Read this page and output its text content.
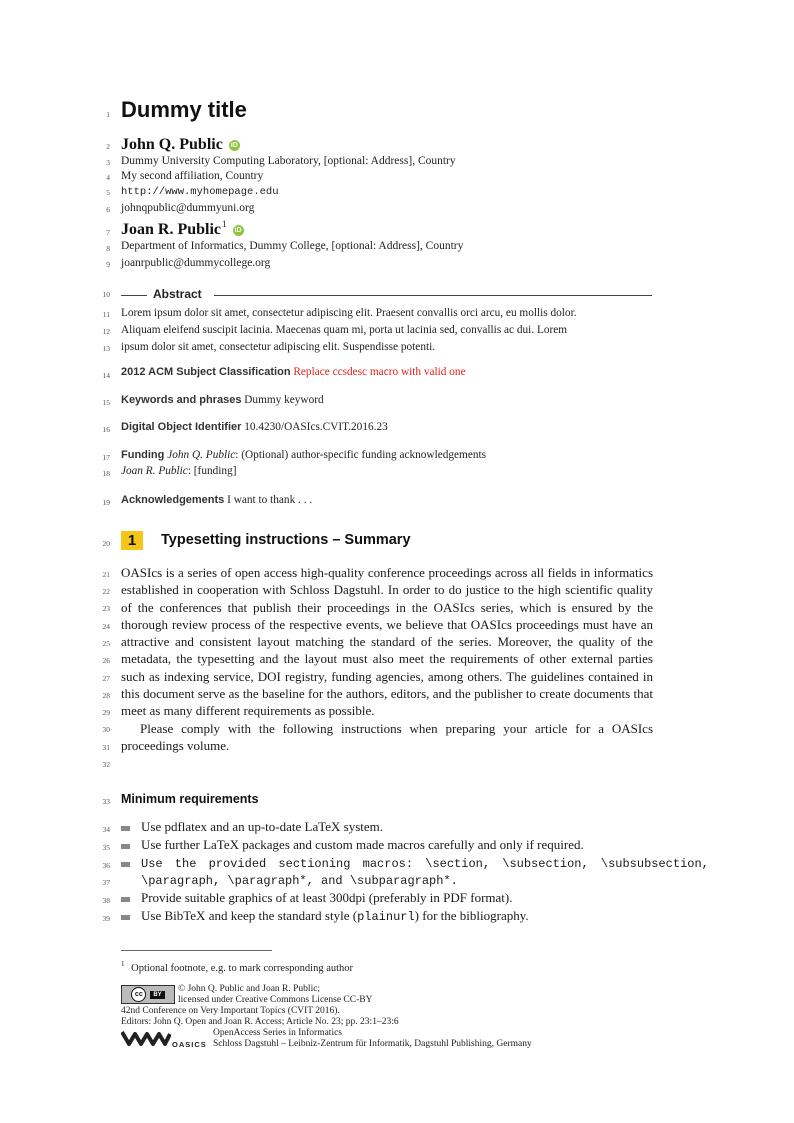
1
2
3
4
5
6
7
8
9
10
11
12
13
14
15
16
17
18
19
20
21
22
23
24
25
26
27
28
29
30
31
32
33
34
35
36
37
38
39
Dummy title
John Q. Public iD
Dummy University Computing Laboratory, [optional: Address], Country
My second affiliation, Country
http://www.myhomepage.edu
johnqpublic@dummyuni.org
Joan R. Public$^1$
iD
Department of Informatics, Dummy College, [optional: Address], Country
joanrpublic@dummycollege.org
Abstract
Lorem ipsum dolor sit amet, consectetur adipiscing elit. Praesent convallis orci arcu, eu mollis dolor.
Aliquam eleifend suscipit lacinia. Maecenas quam mi, porta ut lacinia sed, convallis ac dui. Lorem
ipsum dolor sit amet, consectetur adipiscing elit. Suspendisse potenti.
2012 ACM Subject Classification Replace ccsdesc macro with valid one
Keywords and phrases Dummy keyword
Digital Object Identifier 10.4230/OASIcs.CVIT.2016.23
Funding John Q. Public: (Optional) author-specific funding acknowledgements
Joan R. Public: [funding]
Acknowledgements I want to thank . . .
1	Typesetting instructions – Summary

OASIcs is a series of open access high-quality conference proceedings across all fields in informatics established in cooperation with Schloss Dagstuhl. In order to do justice to the high scientific quality of the conferences that publish their proceedings in the OASIcs series, which is ensured by the thorough review process of the respective events, we believe that OASIcs proceedings must have an attractive and consistent layout matching the standard of the series. Moreover, the quality of the metadata, the typesetting and the layout must also meet the requirements of other external parties such as indexing service, DOI registry, funding agencies, among others. The guidelines contained in this document serve as the baseline for the authors, editors, and the publisher to create documents that meet as many different requirements as possible.

Please comply with the following instructions when preparing your article for a OASIcs proceedings volume.

Minimum requirements
Use pdflatex and an up-to-date LaTeX system.
Use further LaTeX packages and custom made macros carefully and only if required.
Use the provided sectioning macros: \section, \subsection, \subsubsection,
\paragraph, \paragraph*, and \subparagraph*.
Provide suitable graphics of at least 300dpi (preferably in PDF format).
Use BibTeX and keep the standard style (plainurl) for the bibliography.
$^1$ Optional footnote, e.g. to mark corresponding author
cc	BY
© John Q. Public and Joan R. Public;
licensed under Creative Commons License CC-BY
42nd Conference on Very Important Topics (CVIT 2016).
Editors: John Q. Open and Joan R. Access; Article No. 23; pp. 23:1–23:6
OpenAccess Series in Informatics
OASICS Schloss Dagstuhl – Leibniz-Zentrum für Informatik, Dagstuhl Publishing, Germany
